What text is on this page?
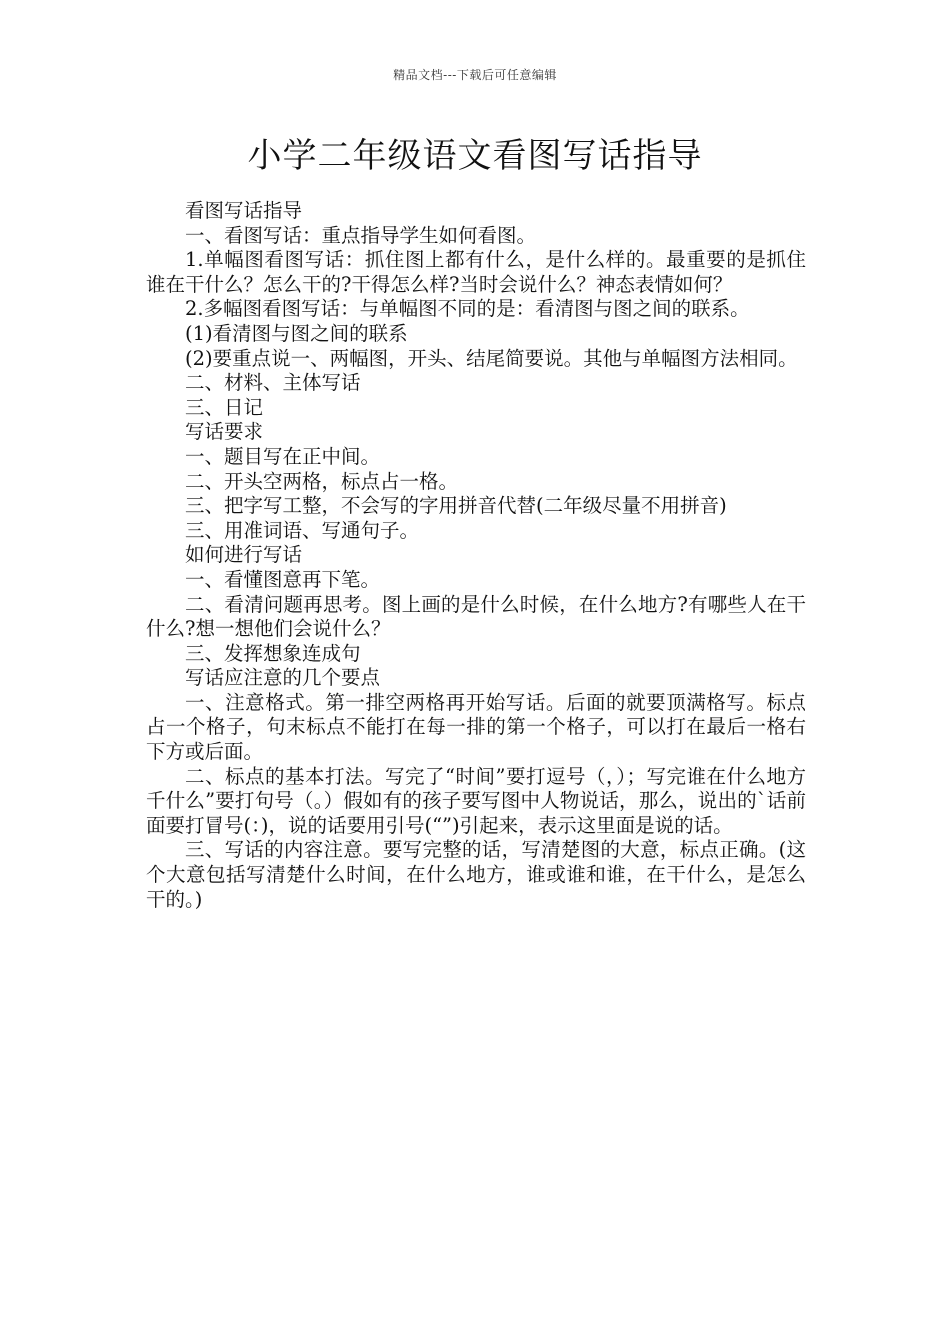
精品文档---下载后可任意编辑
小学二年级语文看图写话指导

看图写话指导

一、看图写话：重点指导学生如何看图。

1.单幅图看图写话：抓住图上都有什么，是什么样的。最重要的是抓住谁在干什么？怎么干的?干得怎么样?当时会说什么？神态表情如何？

2.多幅图看图写话：与单幅图不同的是：看清图与图之间的联系。

(1)看清图与图之间的联系

(2)要重点说一、两幅图，开头、结尾简要说。其他与单幅图方法相同。

二、材料、主体写话

三、日记

写话要求

一、题目写在正中间。

二、开头空两格，标点占一格。

三、把字写工整，不会写的字用拼音代替(二年级尽量不用拼音)

三、用准词语、写通句子。

如何进行写话

一、看懂图意再下笔。

二、看清问题再思考。图上画的是什么时候，在什么地方?有哪些人在干什么?想一想他们会说什么？

三、发挥想象连成句

写话应注意的几个要点

一、注意格式。第一排空两格再开始写话。后面的就要顶满格写。标点占一个格子，句末标点不能打在每一排的第一个格子，可以打在最后一格右下方或后面。

二、标点的基本打法。写完了“时间”要打逗号（，）；写完谁在什么地方千什么”要打句号（。）假如有的孩子要写图中人物说话，那么，说出的`话前面要打冒号(：)，说的话要用引号(“”)引起来，表示这里面是说的话。

三、写话的内容注意。要写完整的话，写清楚图的大意，标点正确。(这个大意包括写清楚什么时间，在什么地方，谁或谁和谁，在干什么，是怎么干的。)
